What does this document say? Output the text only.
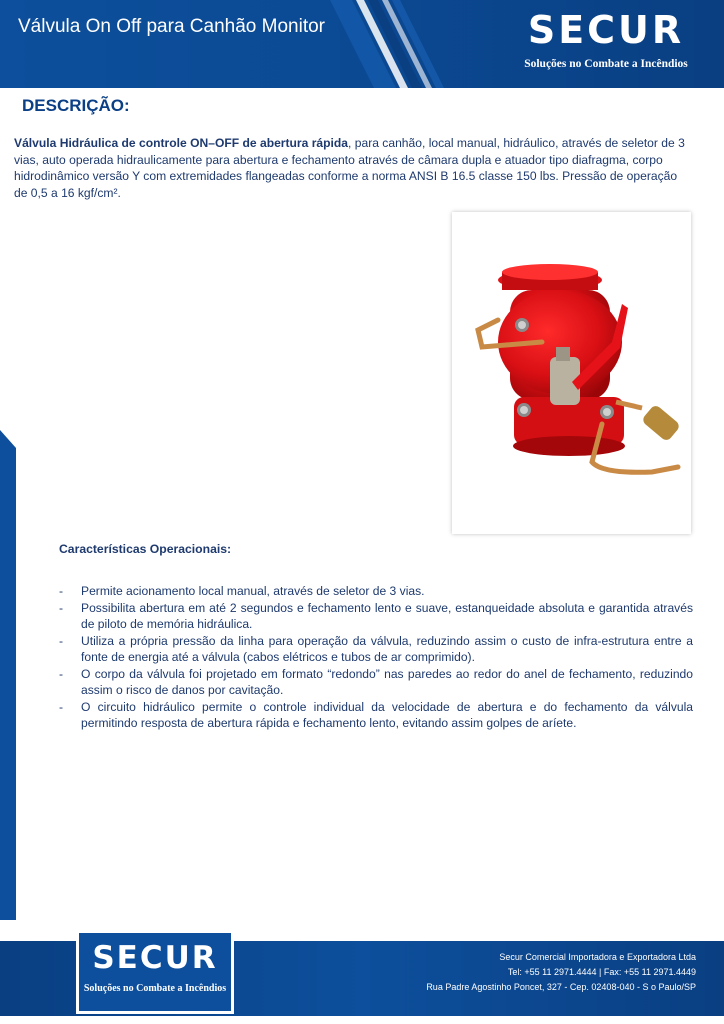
Válvula On Off para Canhão Monitor	SECUR
Soluções no Combate a Incêndios
DESCRIÇÃO:
Válvula Hidráulica de controle ON–OFF de abertura rápida, para canhão, local manual, hidráulico, através de seletor de 3 vias, auto operada hidraulicamente para abertura e fechamento através de câmara dupla e atuador tipo diafragma, corpo hidrodinâmico versão Y com extremidades flangeadas conforme a norma ANSI B 16.5 classe 150 lbs. Pressão de operação de 0,5 a 16 kgf/cm².
Características Operacionais:
- Permite acionamento local manual, através de seletor de 3 vias.
- Possibilita abertura em até 2 segundos e fechamento lento e suave, estanqueidade absoluta e garantida através de piloto de memória hidráulica.
- Utiliza a própria pressão da linha para operação da válvula, reduzindo assim o custo de infra-estrutura entre a fonte de energia até a válvula (cabos elétricos e tubos de ar comprimido).
- O corpo da válvula foi projetado em formato “redondo” nas paredes ao redor do anel de fechamento, reduzindo assim o risco de danos por cavitação.
- O circuito hidráulico permite o controle individual da velocidade de abertura e do fechamento da válvula permitindo resposta de abertura rápida e fechamento lento, evitando assim golpes de aríete.
SECUR
Soluções no Combate a Incêndios
Secur Comercial Importadora e Exportadora Ltda
Tel: +55 11 2971.4444 | Fax: +55 11 2971.4449
Rua Padre Agostinho Poncet, 327 - Cep. 02408-040 - S o Paulo/SP
